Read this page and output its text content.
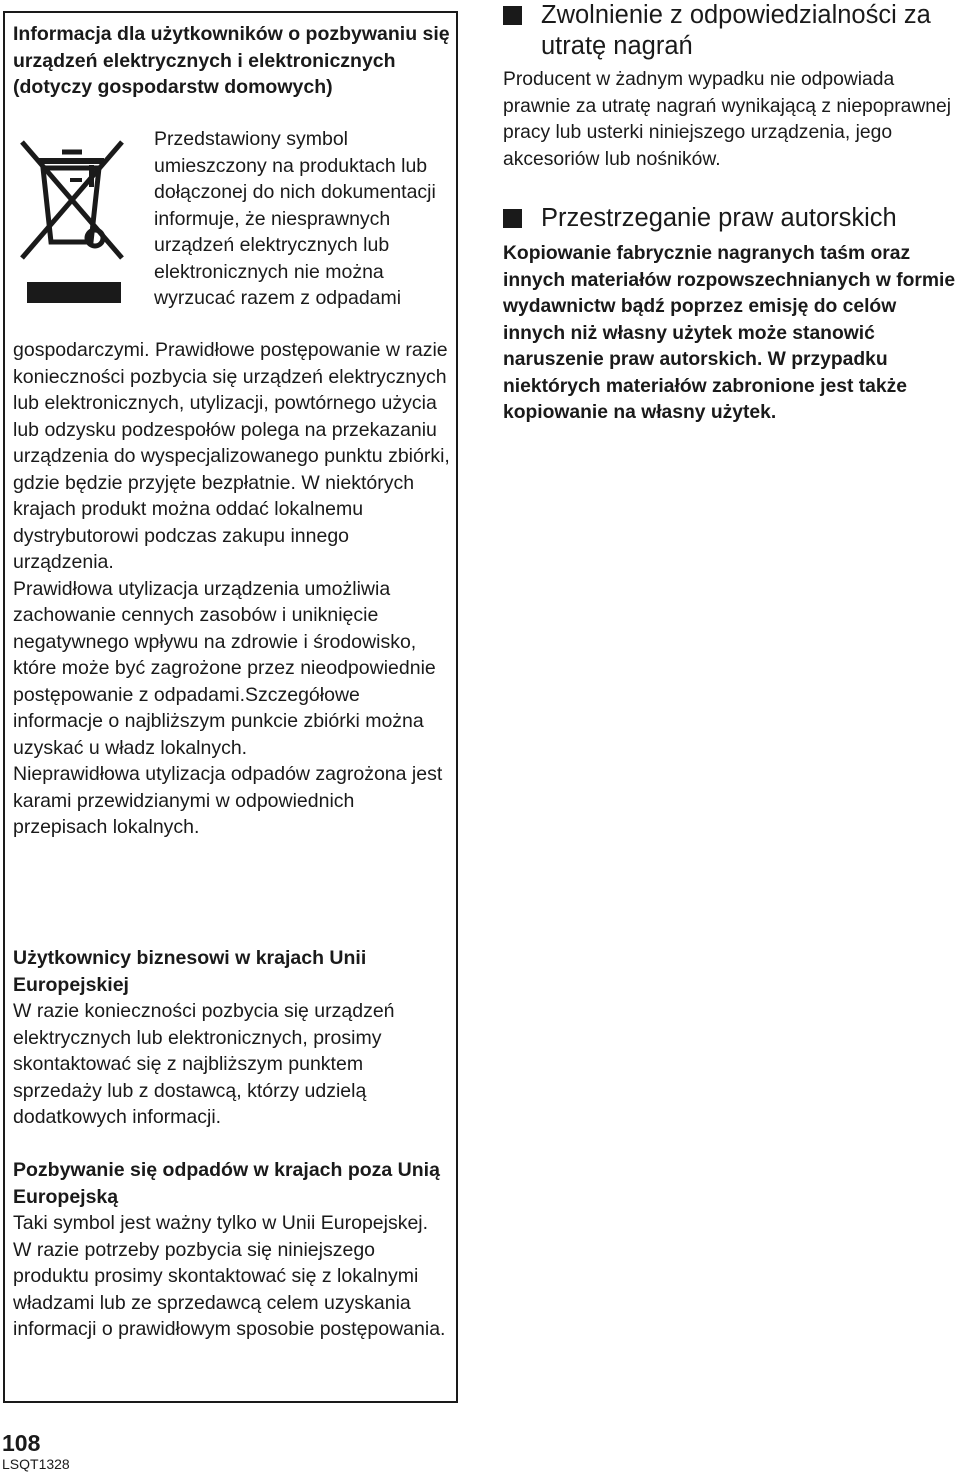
Informacja dla użytkowników o pozbywaniu się urządzeń elektrycznych i elektronicznych (dotyczy gospodarstw domowych)

Przedstawiony symbol umieszczony na produktach lub dołączonej do nich dokumentacji informuje, że niesprawnych urządzeń elektrycznych lub elektronicznych nie można wyrzucać razem z odpadami

gospodarczymi. Prawidłowe postępowanie w razie konieczności pozbycia się urządzeń elektrycznych lub elektronicznych, utylizacji, powtórnego użycia lub odzysku podzespołów polega na przekazaniu urządzenia do wyspecjalizowanego punktu zbiórki, gdzie będzie przyjęte bezpłatnie. W niektórych krajach produkt można oddać lokalnemu dystrybutorowi podczas zakupu innego urządzenia.

Prawidłowa utylizacja urządzenia umożliwia zachowanie cennych zasobów i uniknięcie negatywnego wpływu na zdrowie i środowisko, które może być zagrożone przez nieodpowiednie postępowanie z odpadami.Szczegółowe informacje o najbliższym punkcie zbiórki można uzyskać u władz lokalnych.

Nieprawidłowa utylizacja odpadów zagrożona jest karami przewidzianymi w odpowiednich przepisach lokalnych.

Użytkownicy biznesowi w krajach Unii Europejskiej

W razie konieczności pozbycia się urządzeń elektrycznych lub elektronicznych, prosimy skontaktować się z najbliższym punktem sprzedaży lub z dostawcą, którzy udzielą dodatkowych informacji.

Pozbywanie się odpadów w krajach poza Unią Europejską

Taki symbol jest ważny tylko w Unii Europejskej.

W razie potrzeby pozbycia się niniejszego produktu prosimy skontaktować się z lokalnymi władzami lub ze sprzedawcą celem uzyskania informacji o prawidłowym sposobie postępowania.

Zwolnienie z odpowiedzialności za utratę nagrań

Producent w żadnym wypadku nie odpowiada prawnie za utratę nagrań wynikającą z niepoprawnej pracy lub usterki niniejszego urządzenia, jego akcesoriów lub nośników.

Przestrzeganie praw autorskich

Kopiowanie fabrycznie nagranych taśm oraz innych materiałów rozpowszechnianych w formie wydawnictw bądź poprzez emisję do celów innych niż własny użytek może stanowić naruszenie praw autorskich. W przypadku niektórych materiałów zabronione jest także kopiowanie na własny użytek.

108
LSQT1328
